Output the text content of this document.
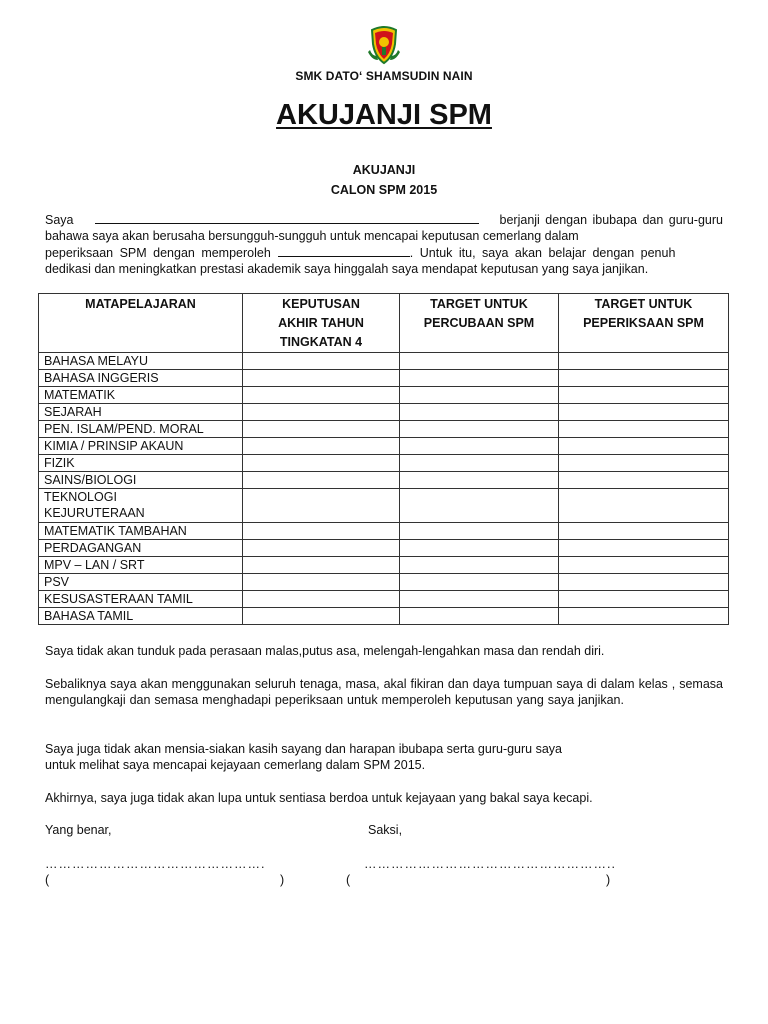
SMK DATO‘ SHAMSUDIN NAIN
AKUJANJI SPM
AKUJANJI
CALON SPM 2015
Saya	berjanji dengan ibubapa dan guru-guru
bahawa saya akan berusaha bersungguh-sungguh untuk mencapai keputusan cemerlang dalam
peperiksaan SPM dengan memperoleh	. Untuk itu, saya akan belajar dengan penuh
dedikasi dan meningkatkan prestasi akademik saya hinggalah saya mendapat keputusan yang saya janjikan.
MATAPELAJARAN	KEPUTUSAN AKHIR TAHUN TINGKATAN 4	TARGET UNTUK PERCUBAAN SPM	TARGET UNTUK PEPERIKSAAN SPM
BAHASA MELAYU			
BAHASA INGGERIS			
MATEMATIK			
SEJARAH			
PEN. ISLAM/PEND. MORAL			
KIMIA / PRINSIP AKAUN			
FIZIK			
SAINS/BIOLOGI			
TEKNOLOGI KEJURUTERAAN			
MATEMATIK TAMBAHAN			
PERDAGANGAN			
MPV – LAN / SRT			
PSV			
KESUSASTERAAN TAMIL			
BAHASA TAMIL			
Saya tidak akan tunduk pada perasaan malas,putus asa, melengah-lengahkan masa dan rendah diri.
Sebaliknya saya akan menggunakan seluruh tenaga, masa, akal fikiran dan daya tumpuan saya di dalam kelas , semasa mengulangkaji dan semasa menghadapi peperiksaan untuk memperoleh keputusan yang saya janjikan.
Saya juga tidak akan mensia-siakan kasih sayang dan harapan ibubapa serta guru-guru saya
untuk melihat saya mencapai kejayaan cemerlang dalam SPM 2015.
Akhirnya, saya juga tidak akan lupa untuk sentiasa berdoa untuk kejayaan yang bakal saya kecapi.
Yang benar,	Saksi,
………………………………………….	………………………………………………..
(	)	(	)
